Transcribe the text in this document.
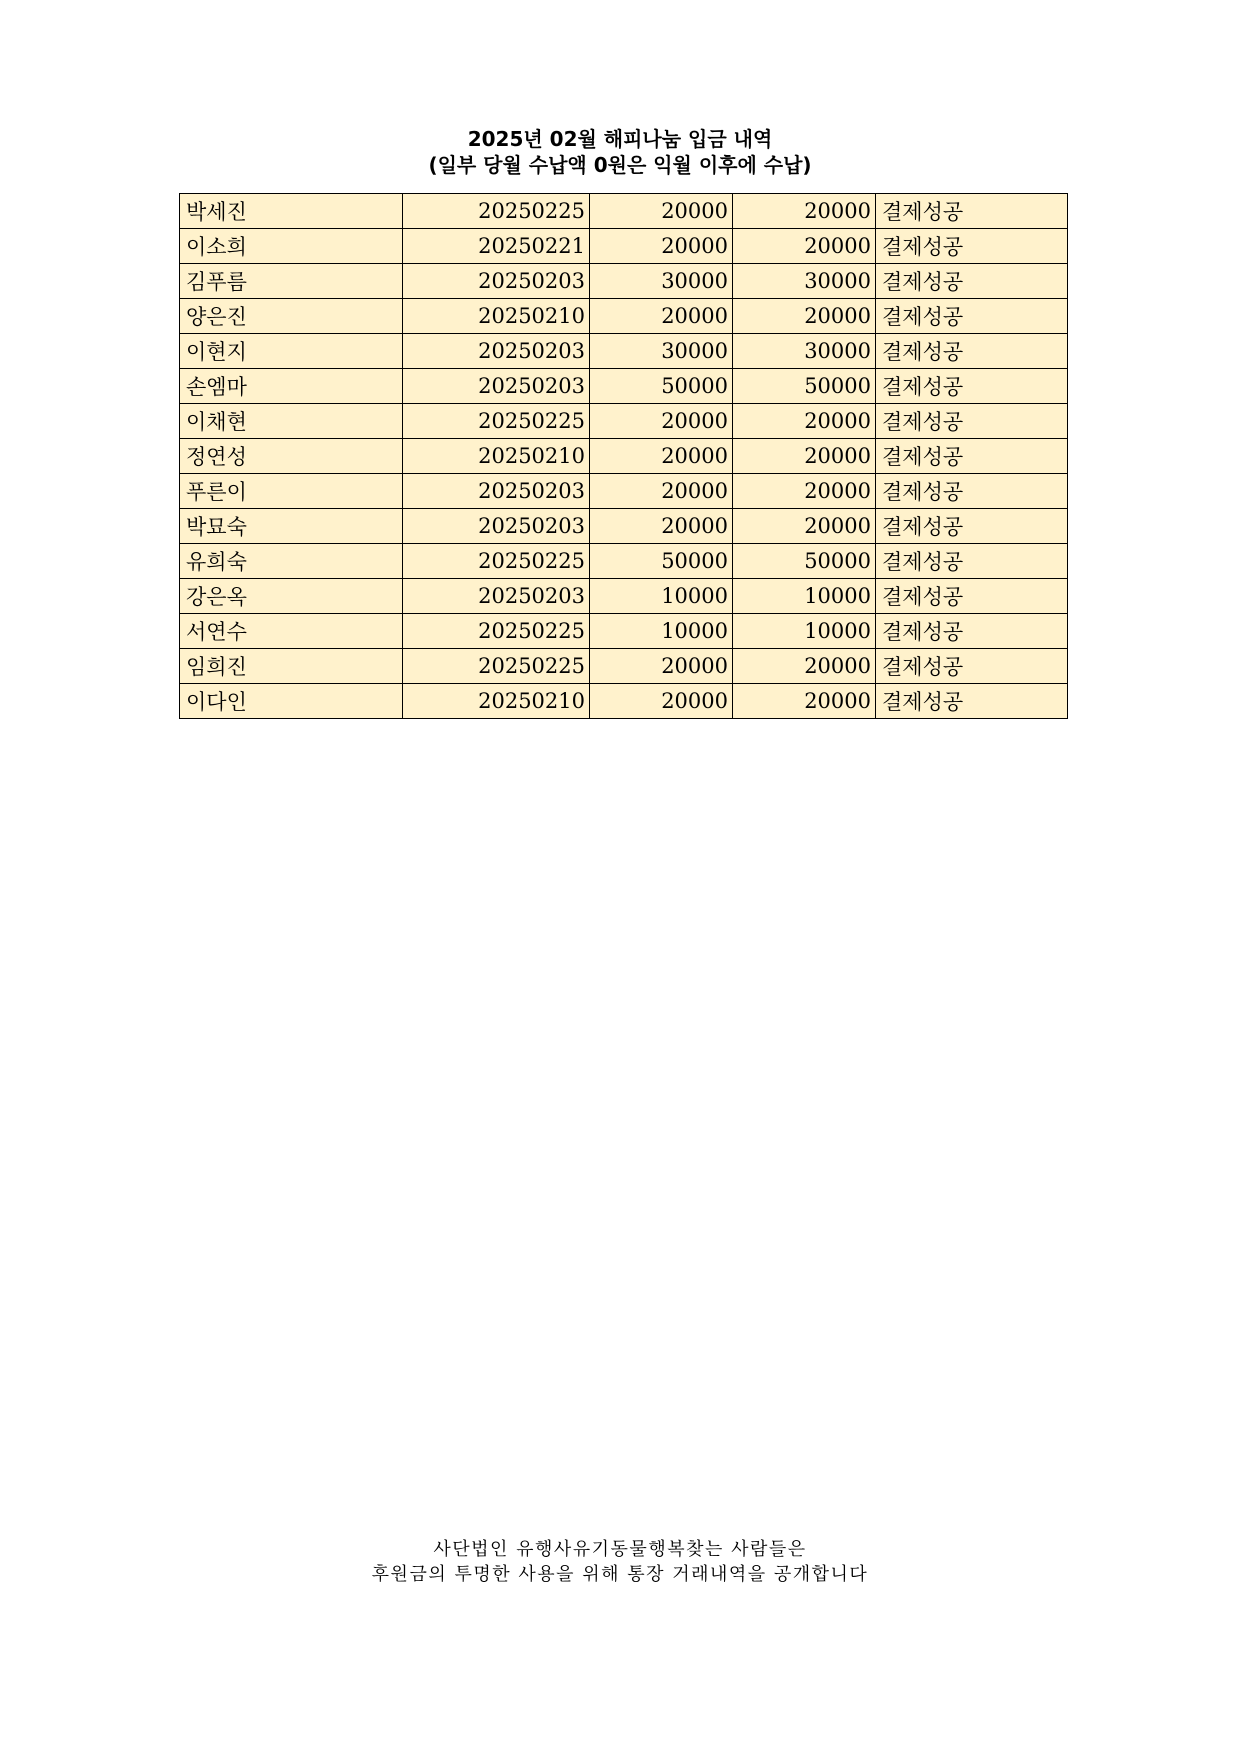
2025년 02월 해피나눔 입금 내역
(일부 당월 수납액 0원은 익월 이후에 수납)
박세진	20250225	20000	20000	결제성공
이소희	20250221	20000	20000	결제성공
김푸름	20250203	30000	30000	결제성공
양은진	20250210	20000	20000	결제성공
이현지	20250203	30000	30000	결제성공
손엠마	20250203	50000	50000	결제성공
이채현	20250225	20000	20000	결제성공
정연성	20250210	20000	20000	결제성공
푸른이	20250203	20000	20000	결제성공
박묘숙	20250203	20000	20000	결제성공
유희숙	20250225	50000	50000	결제성공
강은옥	20250203	10000	10000	결제성공
서연수	20250225	10000	10000	결제성공
임희진	20250225	20000	20000	결제성공
이다인	20250210	20000	20000	결제성공
사단법인 유행사유기동물행복찾는 사람들은
후원금의 투명한 사용을 위해 통장 거래내역을 공개합니다
